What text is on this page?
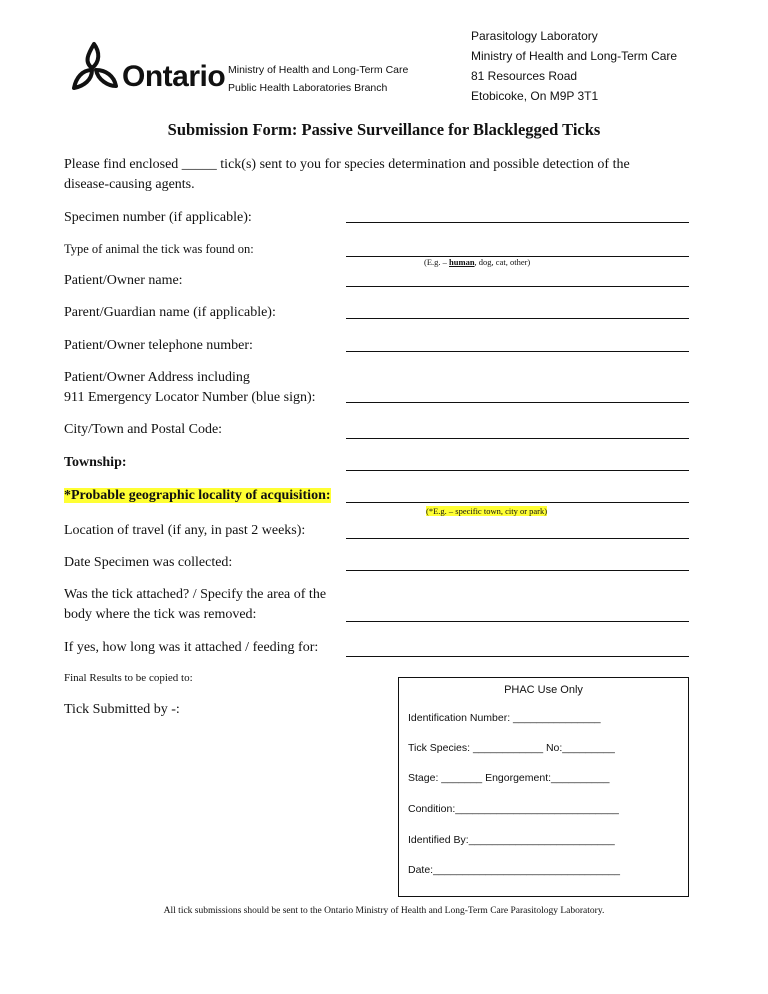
Ontario Ministry of Health and Long-Term Care
Public Health Laboratories Branch
Parasitology Laboratory
Ministry of Health and Long-Term Care
81 Resources Road
Etobicoke, On M9P 3T1
Submission Form: Passive Surveillance for Blacklegged Ticks
Please find enclosed _____ tick(s) sent to you for species determination and possible detection of the
disease-causing agents.
Specimen number (if applicable):
Type of animal the tick was found on:
(E.g. – human, dog, cat, other)
Patient/Owner name:
Parent/Guardian name (if applicable):
Patient/Owner telephone number:
Patient/Owner Address including
911 Emergency Locator Number (blue sign):
City/Town and Postal Code:
Township:
*Probable geographic locality of acquisition:
(*E.g. – specific town, city or park)
Location of travel (if any, in past 2 weeks):
Date Specimen was collected:
Was the tick attached? / Specify the area of the
body where the tick was removed:
If yes, how long was it attached / feeding for:
Final Results to be copied to:
Tick Submitted by -:
PHAC Use Only
Identification Number: _______________
Tick Species: ____________ No:_________
Stage: _______ Engorgement:__________
Condition:____________________________
Identified By:_________________________
Date:________________________________
All tick submissions should be sent to the Ontario Ministry of Health and Long-Term Care Parasitology Laboratory.
